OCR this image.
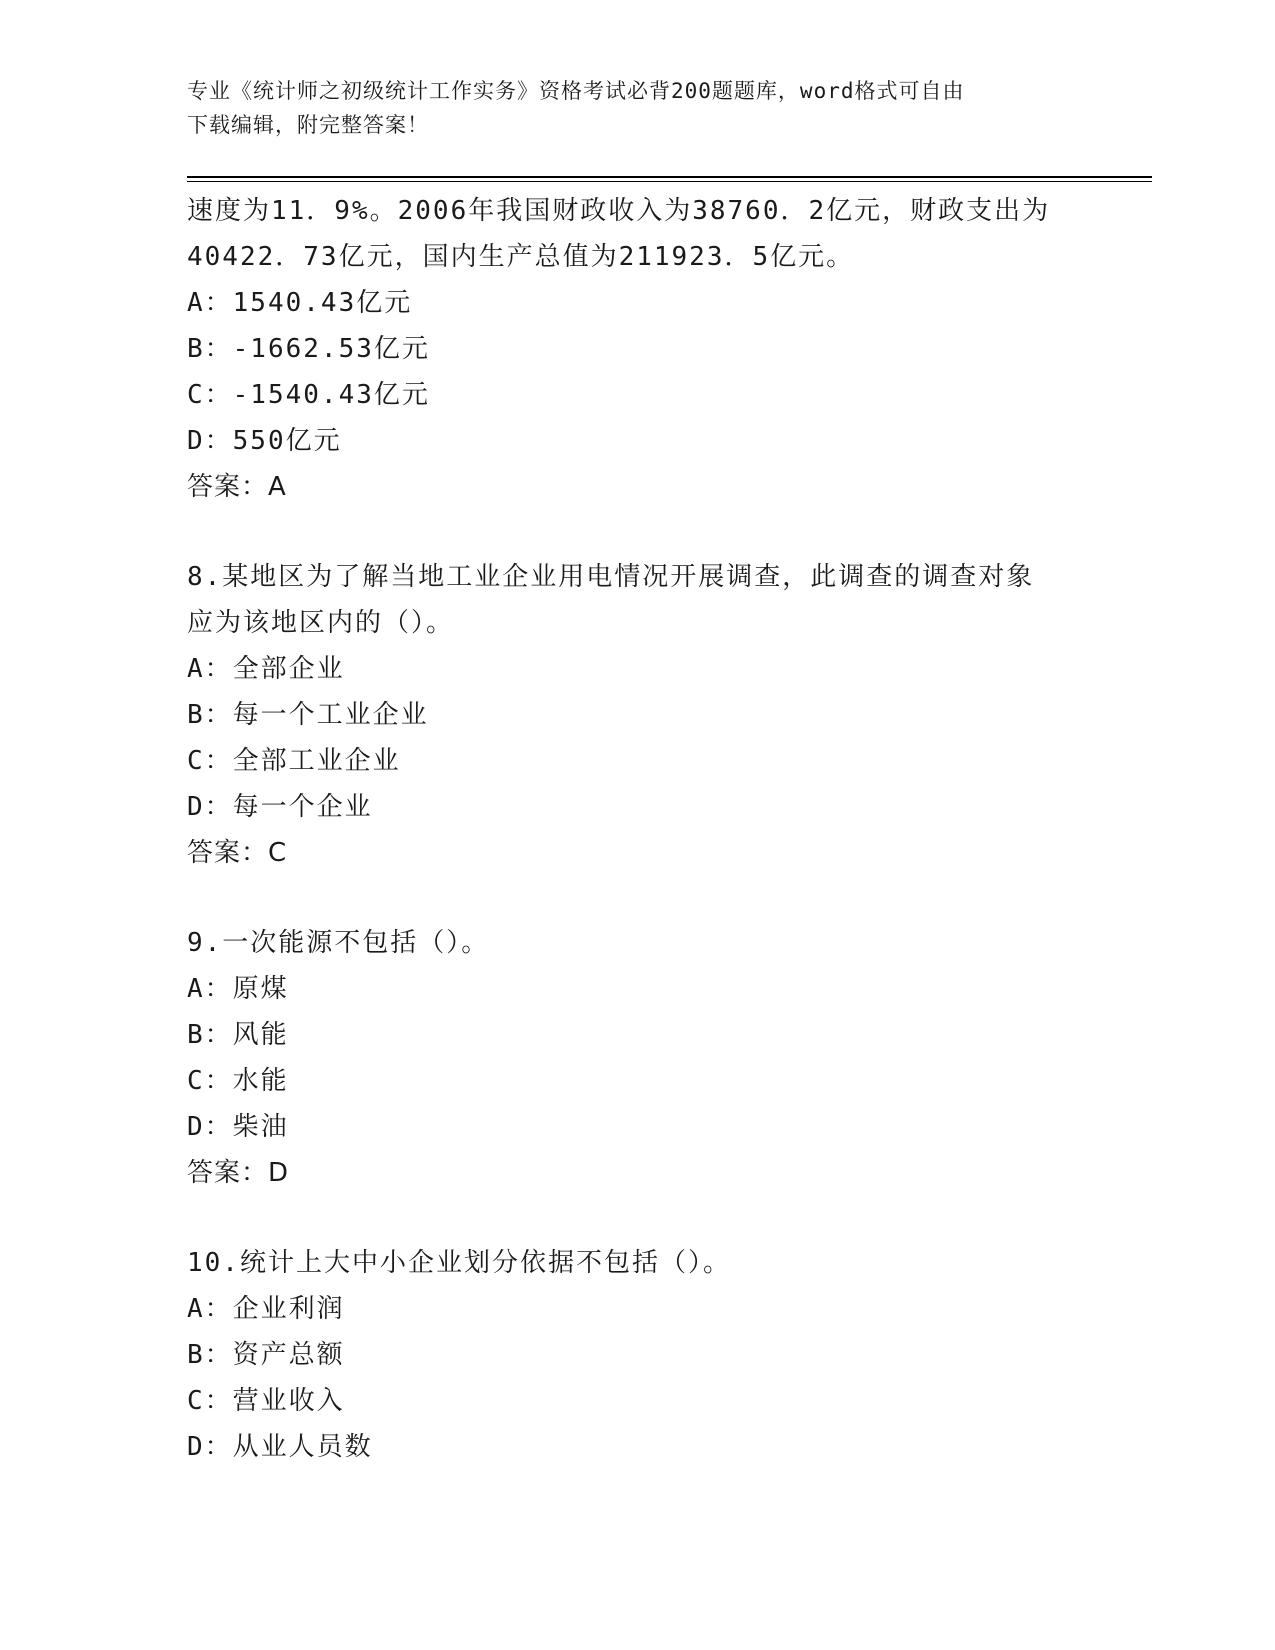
专业《统计师之初级统计工作实务》资格考试必背200题题库，word格式可自由
下载编辑，附完整答案！
速度为11．9%。2006年我国财政收入为38760．2亿元，财政支出为
40422．73亿元，国内生产总值为211923．5亿元。
A：1540.43亿元
B：-1662.53亿元
C：-1540.43亿元
D：550亿元
答案：A
8.某地区为了解当地工业企业用电情况开展调查，此调查的调查对象
应为该地区内的（）。
A：全部企业
B：每一个工业企业
C：全部工业企业
D：每一个企业
答案：C
9.一次能源不包括（）。
A：原煤
B：风能
C：水能
D：柴油
答案：D
10.统计上大中小企业划分依据不包括（）。
A：企业利润
B：资产总额
C：营业收入
D：从业人员数
